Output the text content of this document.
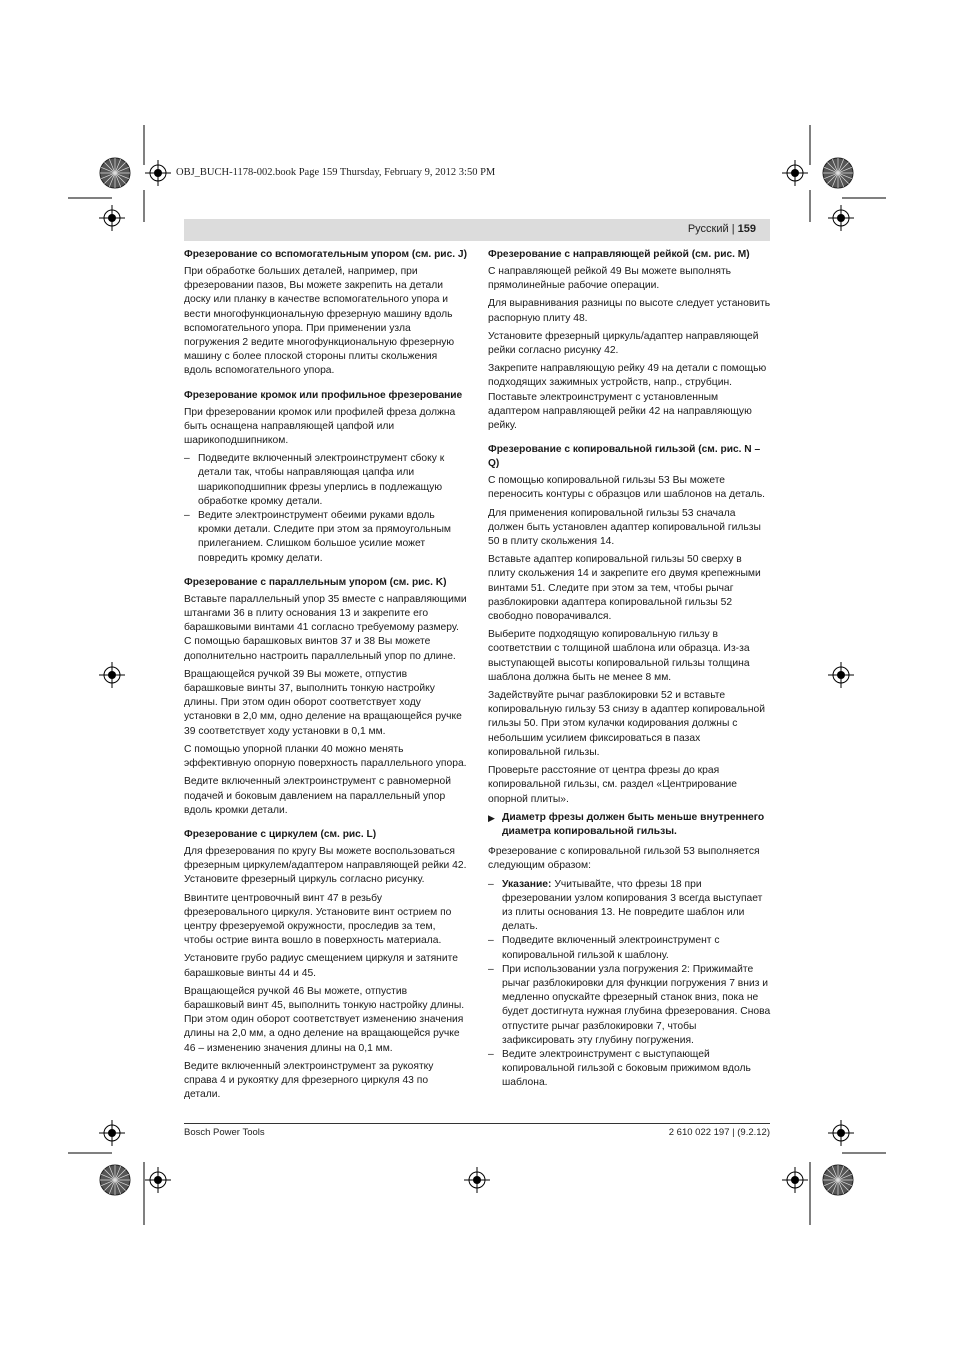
OBJ_BUCH-1178-002.book Page 159 Thursday, February 9, 2012 3:50 PM
Русский | 159
Фрезерование со вспомогательным упором (см. рис. J)

При обработке больших деталей, например, при фрезеровании пазов, Вы можете закрепить на детали доску или планку в качестве вспомогательного упора и вести многофункциональную фрезерную машину вдоль вспомогательного упора. При применении узла погружения 2 ведите многофункциональную фрезерную машину с более плоской стороны плиты скольжения вдоль вспомогательного упора.

Фрезерование кромок или профильное фрезерование

При фрезеровании кромок или профилей фреза должна быть оснащена направляющей цапфой или шарикоподшипником.

– Подведите включенный электроинструмент сбоку к детали так, чтобы направляющая цапфа или шарикоподшипник фрезы уперлись в подлежащую обработке кромку детали.
– Ведите электроинструмент обеими руками вдоль кромки детали. Следите при этом за прямоугольным прилеганием. Слишком большое усилие может повредить кромку делати.
Фрезерование с параллельным упором (см. рис. K)

Вставьте параллельный упор 35 вместе с направляющими штангами 36 в плиту основания 13 и закрепите его барашковыми винтами 41 согласно требуемому размеру. С помощью барашковых винтов 37 и 38 Вы можете дополнительно настроить параллельный упор по длине.

Вращающейся ручкой 39 Вы можете, отпустив барашковые винты 37, выполнить тонкую настройку длины. При этом один оборот соответствует ходу установки в 2,0 мм, одно деление на вращающейся ручке 39 соответствует ходу установки в 0,1 мм.

С помощью упорной планки 40 можно менять эффективную опорную поверхность параллельного упора.

Ведите включенный электроинструмент с равномерной подачей и боковым давлением на параллельный упор вдоль кромки детали.

Фрезерование с циркулем (см. рис. L)

Для фрезерования по кругу Вы можете воспользоваться фрезерным циркулем/адаптером направляющей рейки 42. Установите фрезерный циркуль согласно рисунку.

Ввинтите центровочный винт 47 в резьбу фрезеровального циркуля. Установите винт острием по центру фрезеруемой окружности, проследив за тем, чтобы острие винта вошло в поверхность материала.

Установите грубо радиус смещением циркуля и затяните барашковые винты 44 и 45.

Вращающейся ручкой 46 Вы можете, отпустив барашковый винт 45, выполнить тонкую настройку длины. При этом один оборот соответствует изменению значения длины на 2,0 мм, а одно деление на вращающейся ручке 46 – изменению значения длины на 0,1 мм.

Ведите включенный электроинструмент за рукоятку справа 4 и рукоятку для фрезерного циркуля 43 по детали.

Фрезерование с направляющей рейкой (см. рис. M)

С направляющей рейкой 49 Вы можете выполнять прямолинейные рабочие операции.

Для выравнивания разницы по высоте следует установить распорную плиту 48.

Установите фрезерный циркуль/адаптер направляющей рейки согласно рисунку 42.

Закрепите направляющую рейку 49 на детали с помощью подходящих зажимных устройств, напр., струбцин. Поставьте электроинструмент с установленным адаптером направляющей рейки 42 на направляющую рейку.

Фрезерование с копировальной гильзой (см. рис. N – Q)

С помощью копировальной гильзы 53 Вы можете переносить контуры с образцов или шаблонов на деталь.

Для применения копировальной гильзы 53 сначала должен быть установлен адаптер копировальной гильзы 50 в плиту скольжения 14.

Вставьте адаптер копировальной гильзы 50 сверху в плиту скольжения 14 и закрепите его двумя крепежными винтами 51. Следите при этом за тем, чтобы рычаг разблокировки адаптера копировальной гильзы 52 свободно поворачивался.

Выберите подходящую копировальную гильзу в соответствии с толщиной шаблона или образца. Из-за выступающей высоты копировальной гильзы толщина шаблона должна быть не менее 8 мм.

Задействуйте рычаг разблокировки 52 и вставьте копировальную гильзу 53 снизу в адаптер копировальной гильзы 50. При этом кулачки кодирования должны с небольшим усилием фиксироваться в пазах копировальной гильзы.

Проверьте расстояние от центра фрезы до края копировальной гильзы, см. раздел «Центрирование опорной плиты».

▶ Диаметр фрезы должен быть меньше внутреннего диаметра копировальной гильзы.

Фрезерование с копировальной гильзой 53 выполняется следующим образом:

– Указание: Учитывайте, что фрезы 18 при фрезеровании узлом копирования 3 всегда выступает из плиты основания 13. Не повредите шаблон или делать.
– Подведите включенный электроинструмент с копировальной гильзой к шаблону.
– При использовании узла погружения 2: Прижимайте рычаг разблокировки для функции погружения 7 вниз и медленно опускайте фрезерный станок вниз, пока не будет достигнута нужная глубина фрезерования. Снова отпустите рычаг разблокировки 7, чтобы зафиксировать эту глубину погружения.
– Ведите электроинструмент с выступающей копировальной гильзой с боковым прижимом вдоль шаблона.
Bosch Power Tools	2 610 022 197 | (9.2.12)
